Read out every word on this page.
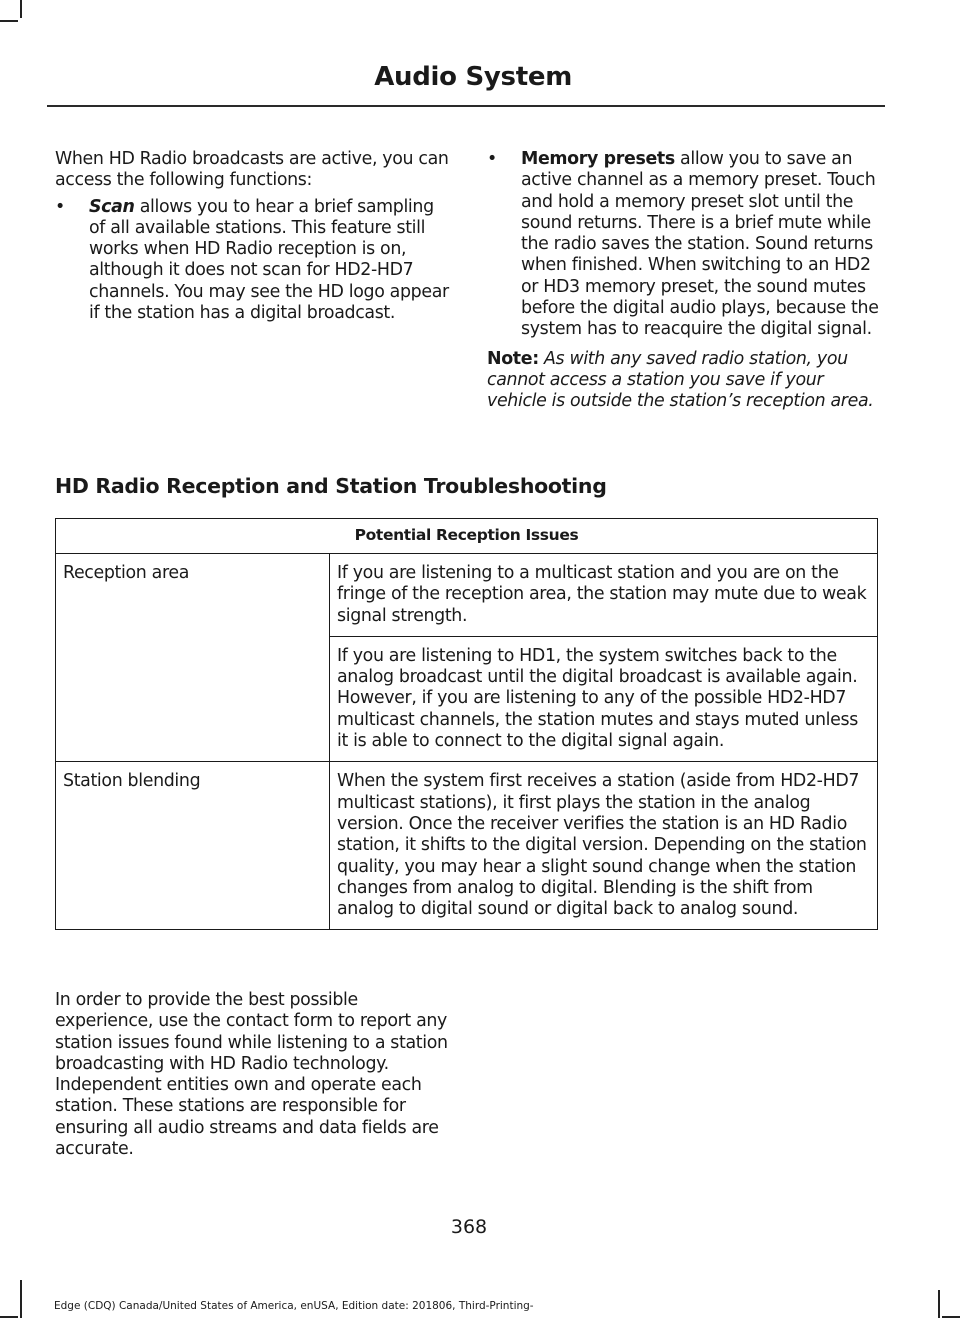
Audio System

When HD Radio broadcasts are active, you can access the following functions:

• Scan allows you to hear a brief sampling of all available stations. This feature still works when HD Radio reception is on, although it does not scan for HD2-HD7 channels. You may see the HD logo appear if the station has a digital broadcast.

• Memory presets allow you to save an active channel as a memory preset. Touch and hold a memory preset slot until the sound returns. There is a brief mute while the radio saves the station. Sound returns when finished. When switching to an HD2 or HD3 memory preset, the sound mutes before the digital audio plays, because the system has to reacquire the digital signal.

Note: As with any saved radio station, you cannot access a station you save if your vehicle is outside the station’s reception area.

HD Radio Reception and Station Troubleshooting
Potential Reception Issues	
Reception area	If you are listening to a multicast station and you are on the fringe of the reception area, the station may mute due to weak signal strength.
	If you are listening to HD1, the system switches back to the analog broadcast until the digital broadcast is available again. However, if you are listening to any of the possible HD2-HD7 multicast channels, the station mutes and stays muted unless it is able to connect to the digital signal again.
Station blending	When the system first receives a station (aside from HD2-HD7 multicast stations), it first plays the station in the analog version. Once the receiver verifies the station is an HD Radio station, it shifts to the digital version. Depending on the station quality, you may hear a slight sound change when the station changes from analog to digital. Blending is the shift from analog to digital sound or digital back to analog sound.
In order to provide the best possible experience, use the contact form to report any station issues found while listening to a station broadcasting with HD Radio technology. Independent entities own and operate each station. These stations are responsible for ensuring all audio streams and data fields are accurate.
368
Edge (CDQ) Canada/United States of America, enUSA, Edition date: 201806, Third-Printing-
